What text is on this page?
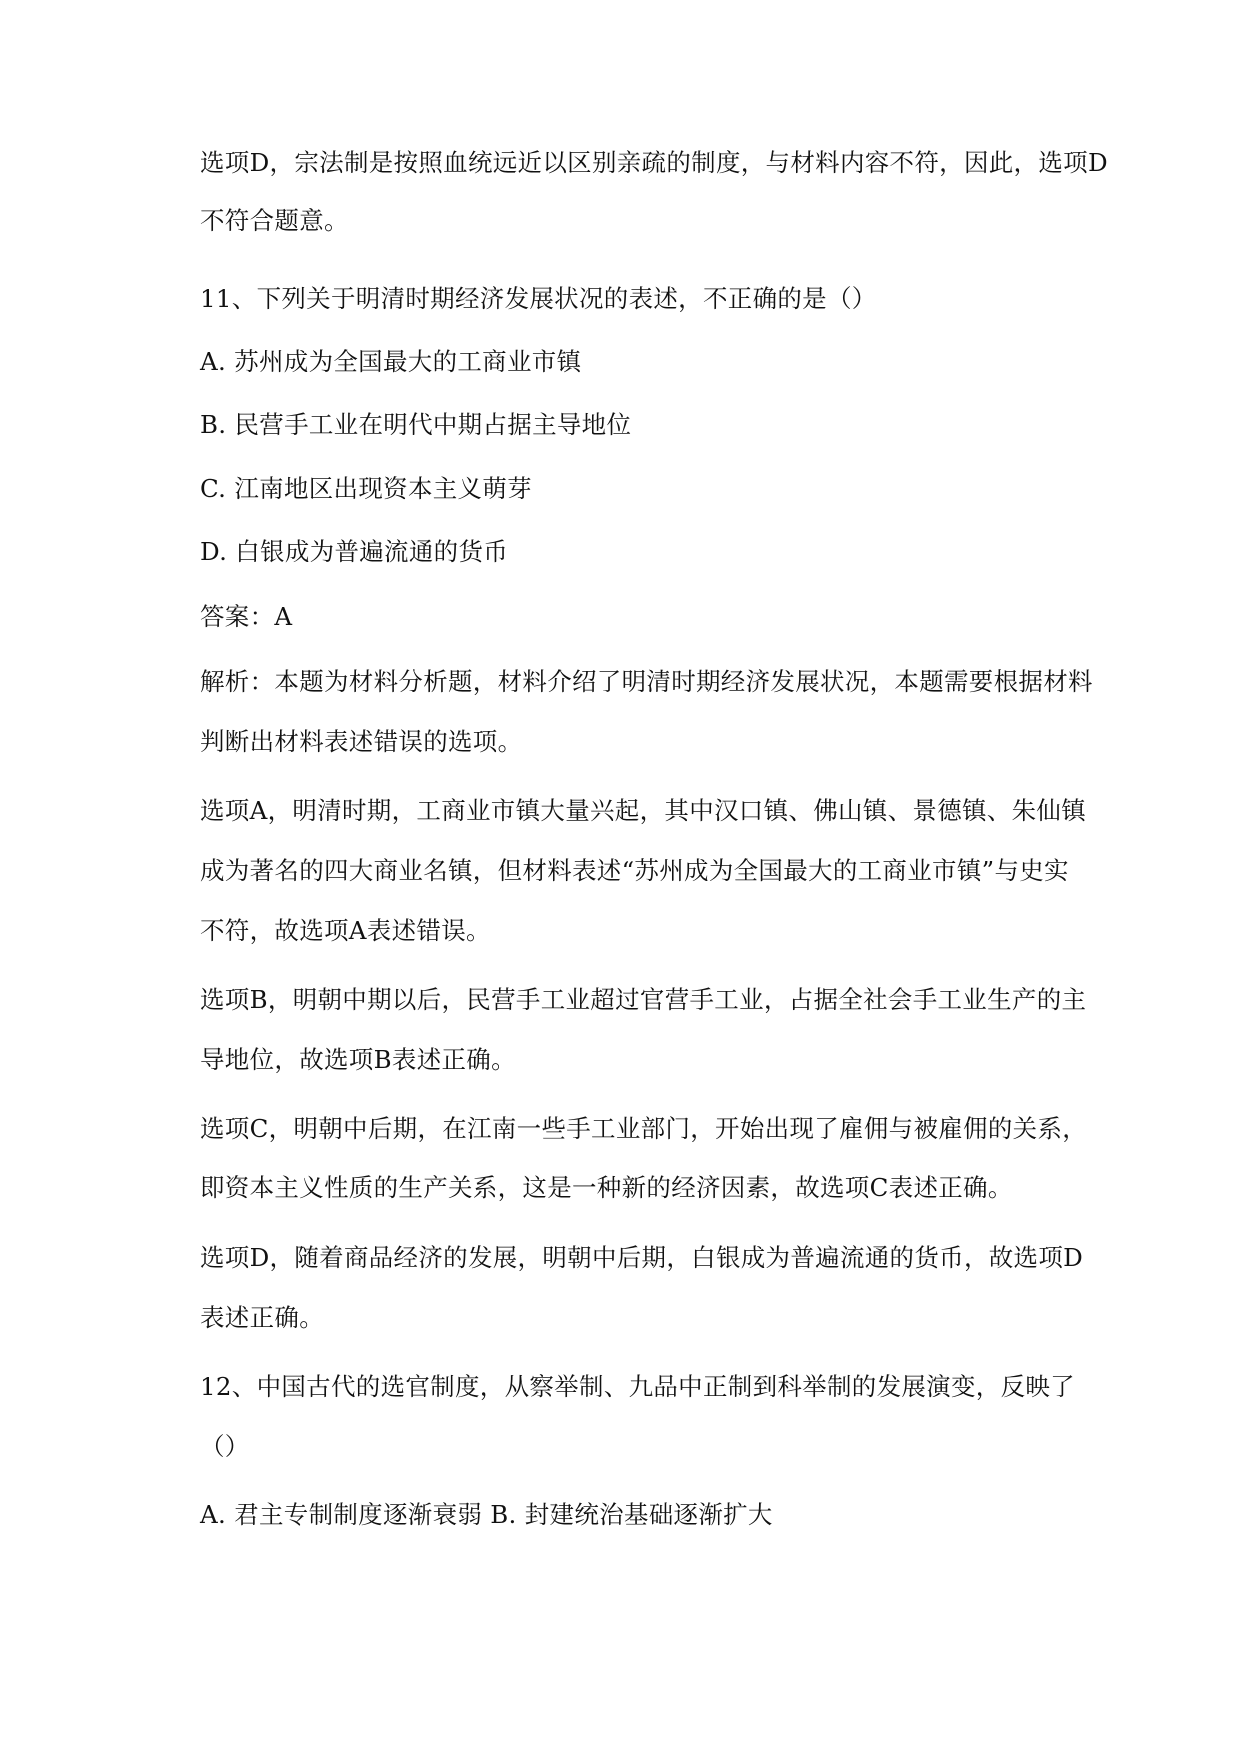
选项D，宗法制是按照血统远近以区别亲疏的制度，与材料内容不符，因此，选项D
不符合题意。
11、下列关于明清时期经济发展状况的表述，不正确的是（）
A. 苏州成为全国最大的工商业市镇
B. 民营手工业在明代中期占据主导地位
C. 江南地区出现资本主义萌芽
D. 白银成为普遍流通的货币
答案：A
解析：本题为材料分析题，材料介绍了明清时期经济发展状况，本题需要根据材料
判断出材料表述错误的选项。
选项A，明清时期，工商业市镇大量兴起，其中汉口镇、佛山镇、景德镇、朱仙镇
成为著名的四大商业名镇，但材料表述“苏州成为全国最大的工商业市镇”与史实
不符，故选项A表述错误。
选项B，明朝中期以后，民营手工业超过官营手工业，占据全社会手工业生产的主
导地位，故选项B表述正确。
选项C，明朝中后期，在江南一些手工业部门，开始出现了雇佣与被雇佣的关系，
即资本主义性质的生产关系，这是一种新的经济因素，故选项C表述正确。
选项D，随着商品经济的发展，明朝中后期，白银成为普遍流通的货币，故选项D
表述正确。
12、中国古代的选官制度，从察举制、九品中正制到科举制的发展演变，反映了
（）
A. 君主专制制度逐渐衰弱 B. 封建统治基础逐渐扩大
